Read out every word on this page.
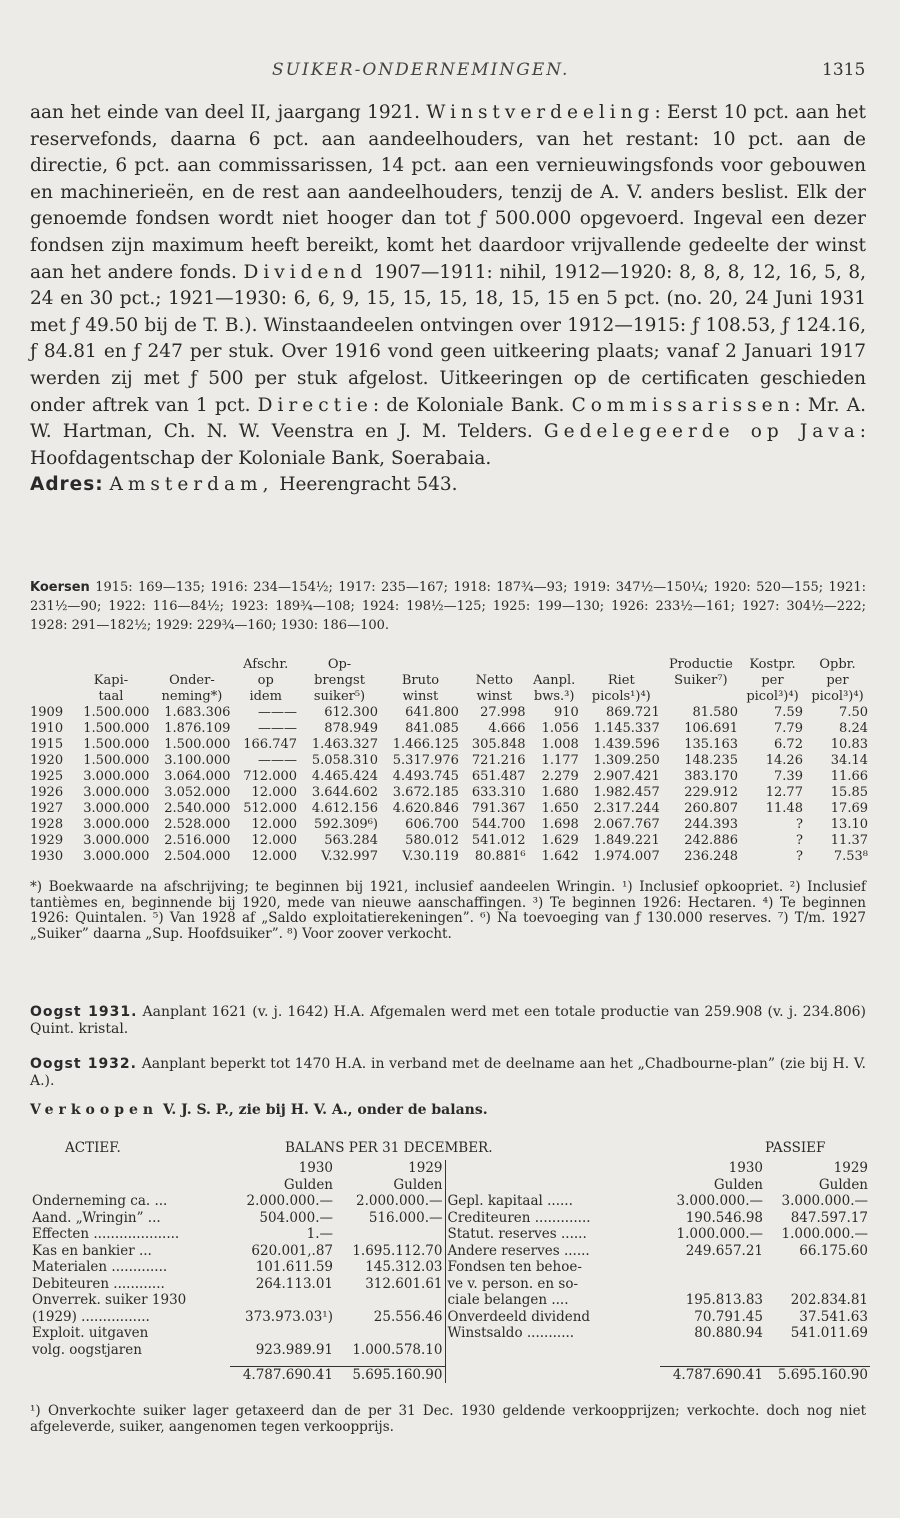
SUIKER-ONDERNEMINGEN.	1315

aan het einde van deel II, jaargang 1921. Winstverdeeling: Eerst 10 pct. aan het reservefonds, daarna 6 pct. aan aandeelhouders, van het restant: 10 pct. aan de directie, 6 pct. aan commissarissen, 14 pct. aan een vernieuwingsfonds voor gebouwen en machinerieën, en de rest aan aandeelhouders, tenzij de A. V. anders beslist. Elk der genoemde fondsen wordt niet hooger dan tot ƒ 500.000 opgevoerd. Ingeval een dezer fondsen zijn maximum heeft bereikt, komt het daardoor vrijvallende gedeelte der winst aan het andere fonds. Dividend 1907—1911: nihil, 1912—1920: 8, 8, 8, 12, 16, 5, 8, 24 en 30 pct.; 1921—1930: 6, 6, 9, 15, 15, 15, 18, 15, 15 en 5 pct. (no. 20, 24 Juni 1931 met ƒ 49.50 bij de T. B.). Winstaandeelen ontvingen over 1912—1915: ƒ 108.53, ƒ 124.16, ƒ 84.81 en ƒ 247 per stuk. Over 1916 vond geen uitkeering plaats; vanaf 2 Januari 1917 werden zij met ƒ 500 per stuk afgelost. Uitkeeringen op de certificaten geschieden onder aftrek van 1 pct. Directie: de Koloniale Bank. Commissarissen: Mr. A. W. Hartman, Ch. N. W. Veenstra en J. M. Telders. Gedelegeerde op Java: Hoofdagentschap der Koloniale Bank, Soerabaia.

Adres: Amsterdam, Heerengracht 543.

Koersen 1915: 169—135; 1916: 234—154½; 1917: 235—167; 1918: 187¾—93; 1919: 347½—150¼; 1920: 520—155; 1921: 231½—90; 1922: 116—84½; 1923: 189¾—108; 1924: 198½—125; 1925: 199—130; 1926: 233½—161; 1927: 304½—222; 1928: 291—182½; 1929: 229¾—160; 1930: 186—100.
			Afschr.	Op-					Productie	Kostpr.	Opbr.
	Kapi-	Onder-	op	brengst	Bruto	Netto	Aanpl.	Riet	Suiker⁷)	per	per
	taal	neming*)	idem	suiker⁵)	winst	winst	bws.³)	picols¹)⁴)		picol³)⁴)	picol³)⁴)
1909	1.500.000	1.683.306	———	612.300	641.800	27.998	910	869.721	81.580	7.59	7.50
1910	1.500.000	1.876.109	———	878.949	841.085	4.666	1.056	1.145.337	106.691	7.79	8.24
1915	1.500.000	1.500.000	166.747	1.463.327	1.466.125	305.848	1.008	1.439.596	135.163	6.72	10.83
1920	1.500.000	3.100.000	———	5.058.310	5.317.976	721.216	1.177	1.309.250	148.235	14.26	34.14
1925	3.000.000	3.064.000	712.000	4.465.424	4.493.745	651.487	2.279	2.907.421	383.170	7.39	11.66
1926	3.000.000	3.052.000	12.000	3.644.602	3.672.185	633.310	1.680	1.982.457	229.912	12.77	15.85
1927	3.000.000	2.540.000	512.000	4.612.156	4.620.846	791.367	1.650	2.317.244	260.807	11.48	17.69
1928	3.000.000	2.528.000	12.000	592.309⁶)	606.700	544.700	1.698	2.067.767	244.393	?	13.10
1929	3.000.000	2.516.000	12.000	563.284	580.012	541.012	1.629	1.849.221	242.886	?	11.37
1930	3.000.000	2.504.000	12.000	V.32.997	V.30.119	80.881⁶	1.642	1.974.007	236.248	?	7.53⁸
*) Boekwaarde na afschrijving; te beginnen bij 1921, inclusief aandeelen Wringin. ¹) Inclusief opkoopriet. ²) Inclusief tantièmes en, beginnende bij 1920, mede van nieuwe aanschaffingen. ³) Te beginnen 1926: Hectaren. ⁴) Te beginnen 1926: Quintalen. ⁵) Van 1928 af „Saldo exploitatierekeningen”. ⁶) Na toevoeging van ƒ 130.000 reserves. ⁷) T/m. 1927 „Suiker” daarna „Sup. Hoofdsuiker”. ⁸) Voor zoover verkocht.
Oogst 1931. Aanplant 1621 (v. j. 1642) H.A. Afgemalen werd met een totale productie van 259.908 (v. j. 234.806) Quint. kristal.
Oogst 1932. Aanplant beperkt tot 1470 H.A. in verband met de deelname aan het „Chadbourne-plan” (zie bij H. V. A.).
Verkoopen V. J. S. P., zie bij H. V. A., onder de balans.
ACTIEF.	BALANS PER 31 DECEMBER.	PASSIEF
	1930	1929		1930	1929
	Gulden	Gulden		Gulden	Gulden
Onderneming ca. ...	2.000.000.—	2.000.000.—	Gepl. kapitaal ......	3.000.000.—	3.000.000.—
Aand. „Wringin” ...	504.000.—	516.000.—	Crediteuren .............	190.546.98	847.597.17
Effecten ....................	1.—		Statut. reserves ......	1.000.000.—	1.000.000.—
Kas en bankier ...	620.001,.87	1.695.112.70	Andere reserves ......	249.657.21	66.175.60
Materialen .............	101.611.59	145.312.03	Fondsen ten behoe-		
Debiteuren ............	264.113.01	312.601.61	ve v. person. en so-		
Onverrek. suiker 1930			ciale belangen ....	195.813.83	202.834.81
(1929) ................	373.973.03¹)	25.556.46	Onverdeeld dividend	70.791.45	37.541.63
Exploit. uitgaven			Winstsaldo ...........	80.880.94	541.011.69
volg. oogstjaren	923.989.91	1.000.578.10			

	4.787.690.41	5.695.160.90		4.787.690.41	5.695.160.90
¹) Onverkochte suiker lager getaxeerd dan de per 31 Dec. 1930 geldende verkoopprijzen; verkochte. doch nog niet afgeleverde, suiker, aangenomen tegen verkoopprijs.
